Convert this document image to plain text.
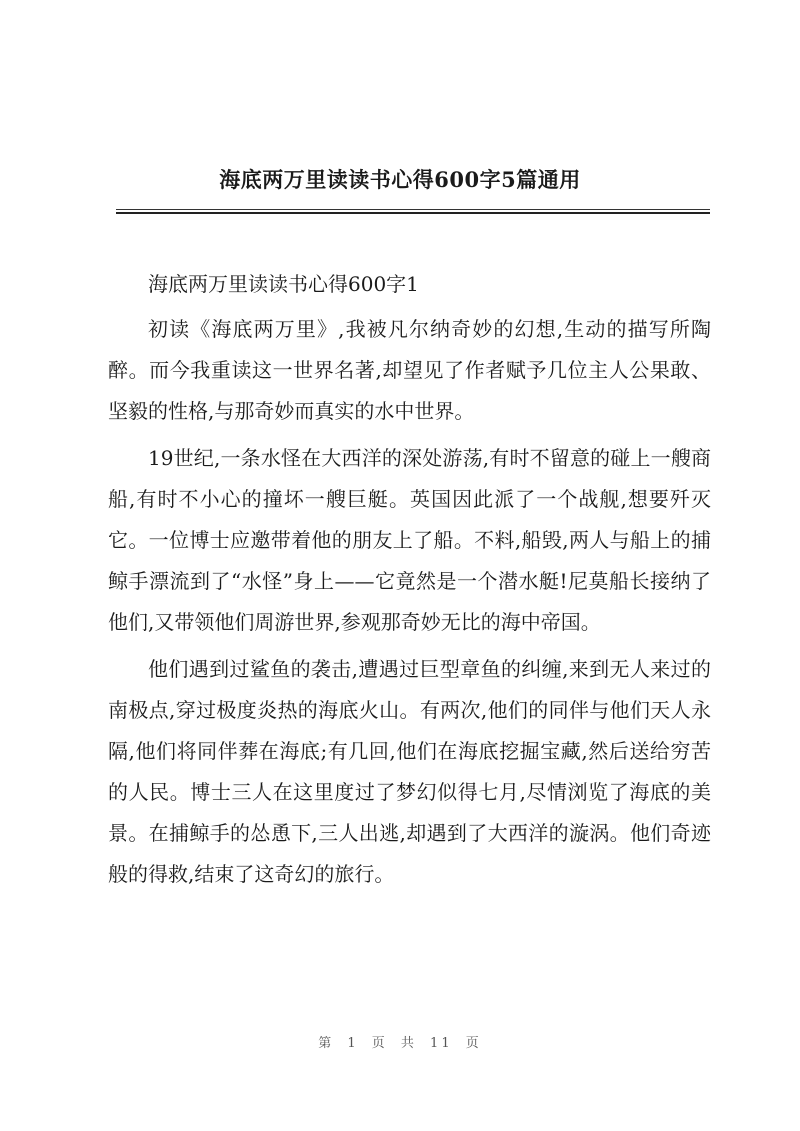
海底两万里读读书心得600字5篇通用

海底两万里读读书心得600字1

初读《海底两万里》,我被凡尔纳奇妙的幻想,生动的描写所陶醉。而今我重读这一世界名著,却望见了作者赋予几位主人公果敢、坚毅的性格,与那奇妙而真实的水中世界。

19世纪,一条水怪在大西洋的深处游荡,有时不留意的碰上一艘商船,有时不小心的撞坏一艘巨艇。英国因此派了一个战舰,想要歼灭它。一位博士应邀带着他的朋友上了船。不料,船毁,两人与船上的捕鲸手漂流到了“水怪”身上——它竟然是一个潜水艇!尼莫船长接纳了他们,又带领他们周游世界,参观那奇妙无比的海中帝国。

他们遇到过鲨鱼的袭击,遭遇过巨型章鱼的纠缠,来到无人来过的南极点,穿过极度炎热的海底火山。有两次,他们的同伴与他们天人永隔,他们将同伴葬在海底;有几回,他们在海底挖掘宝藏,然后送给穷苦的人民。博士三人在这里度过了梦幻似得七月,尽情浏览了海底的美景。在捕鲸手的怂恿下,三人出逃,却遇到了大西洋的漩涡。他们奇迹般的得救,结束了这奇幻的旅行。

第 1 页 共 11 页
